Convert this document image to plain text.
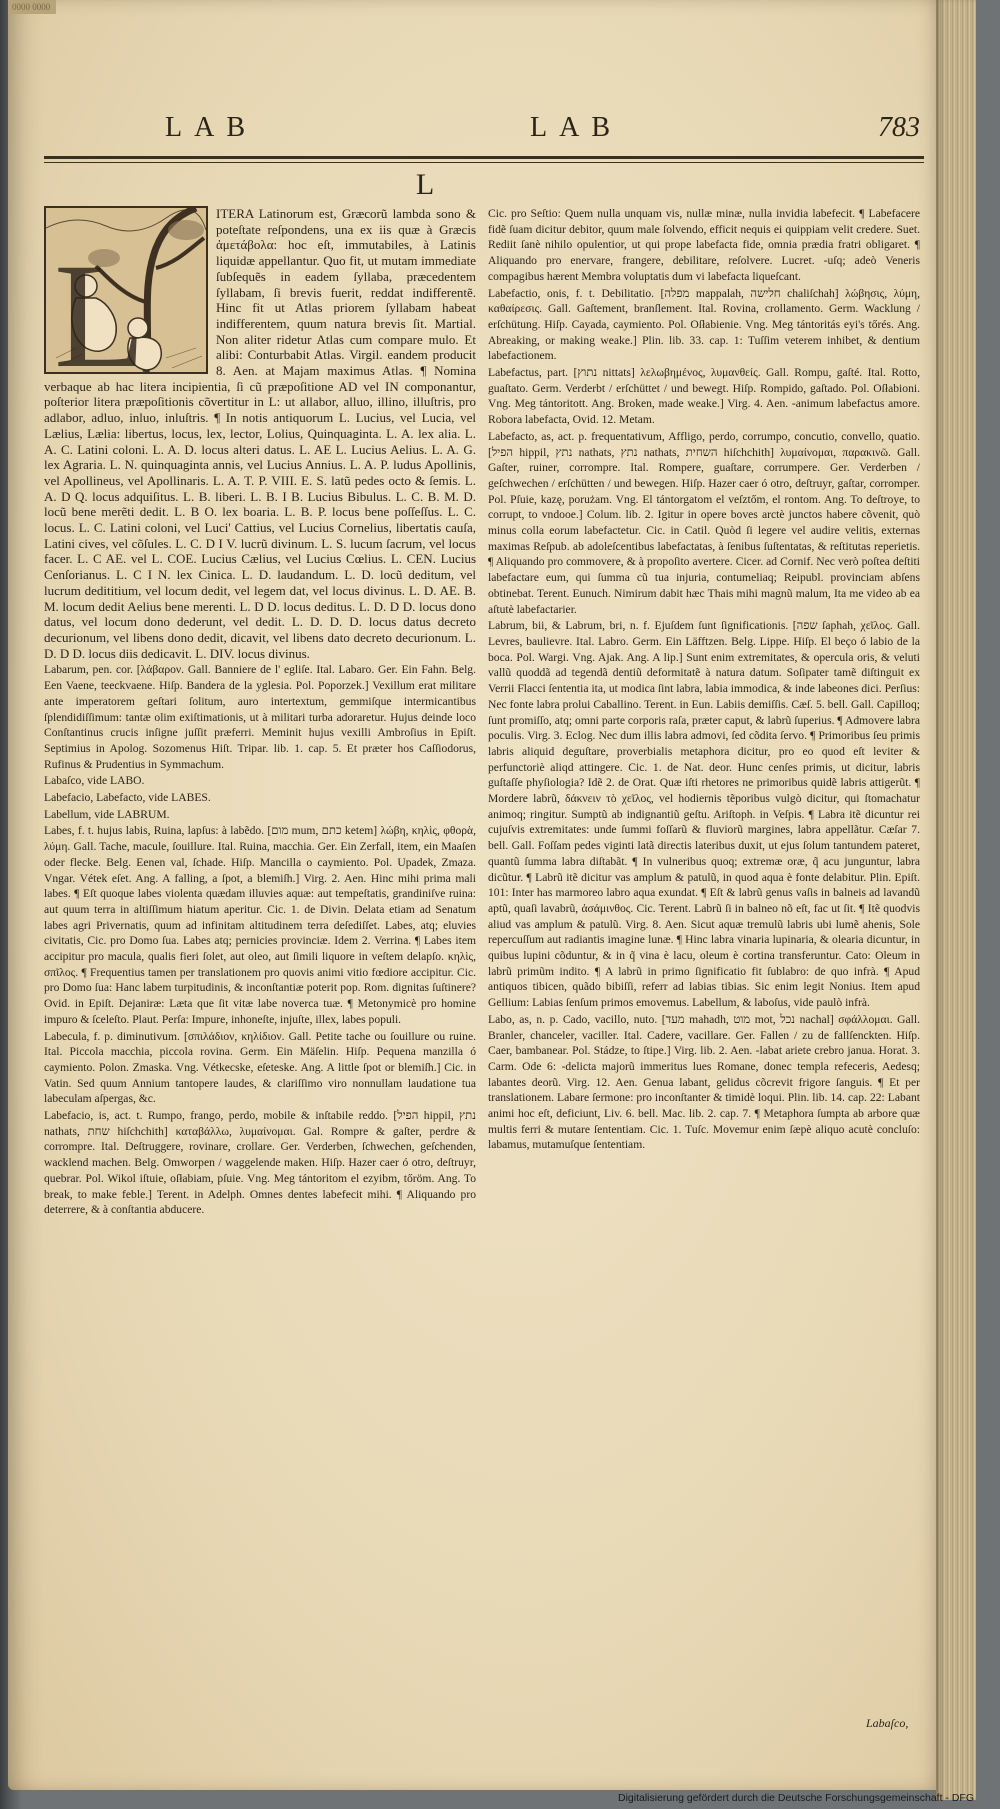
0000 0000
LAB	LAB	783
L
L

ITERA Latinorum est, Græcorũ lambda sono & poteſtate reſpondens, una ex iis quæ à Græcis ἀμετάβολα: hoc eſt, immutabiles, à Latinis liquidæ appellantur. Quo fit, ut mutam immediate ſubſequẽs in eadem ſyllaba, præcedentem ſyllabam, ſi brevis fuerit, reddat indifferentẽ. Hinc fit ut Atlas priorem ſyllabam habeat indifferentem, quum natura brevis ſit. Martial. Non aliter ridetur Atlas cum compare mulo. Et alibi: Conturbabit Atlas. Virgil. eandem producit 8. Aen. at Majam maximus Atlas. ¶ Nomina verbaque ab hac litera incipientia, ſi cũ præpoſitione AD vel IN componantur, poſterior litera præpoſitionis cõvertitur in L: ut allabor, alluo, illino, illuſtris, pro adlabor, adluo, inluo, inluſtris. ¶ In notis antiquorum L. Lucius, vel Lucia, vel Lælius, Lælia: libertus, locus, lex, lector, Lolius, Quinquaginta. L. A. lex alia. L. A. C. Latini coloni. L. A. D. locus alteri datus. L. AE L. Lucius Aelius. L. A. G. lex Agraria. L. N. quinquaginta annis, vel Lucius Annius. L. A. P. ludus Apollinis, vel Apollineus, vel Apollinaris. L. A. T. P. VIII. E. S. latũ pedes octo & ſemis. L. A. D Q. locus adquiſitus. L. B. liberi. L. B. I B. Lucius Bibulus. L. C. B. M. D. locũ bene merẽti dedit. L. B O. lex boaria. L. B. P. locus bene poſſeſſus. L. C. locus. L. C. Latini coloni, vel Luci' Cattius, vel Lucius Cornelius, libertatis cauſa, Latini cives, vel cõſules. L. C. D I V. lucrũ divinum. L. S. lucum ſacrum, vel locus facer. L. C AE. vel L. COE. Lucius Cælius, vel Lucius Cœlius. L. CEN. Lucius Cenſorianus. L. C I N. lex Cinica. L. D. laudandum. L. D. locũ deditum, vel lucrum dedititium, vel locum dedit, vel legem dat, vel locus divinus. L. D. AE. B. M. locum dedit Aelius bene merenti. L. D D. locus deditus. L. D. D D. locus dono datus, vel locum dono dederunt, vel dedit. L. D. D. D. locus datus decreto decurionum, vel libens dono dedit, dicavit, vel libens dato decreto decurionum. L. D. D D. locus diis dedicavit. L. DIV. locus divinus.

Labarum, pen. cor. [λάβαρον. Gall. Banniere de l' egliſe. Ital. Labaro. Ger. Ein Fahn. Belg. Een Vaene, teeckvaene. Hiſp. Bandera de la yglesia. Pol. Poporzek.] Vexillum erat militare ante imperatorem geſtari ſolitum, auro intertextum, gemmiſque intermicantibus ſplendidiſſimum: tantæ olim exiſtimationis, ut à militari turba adoraretur. Hujus deinde loco Conſtantinus crucis inſigne juſſit præferri. Meminit hujus vexilli Ambroſius in Epiſt. Septimius in Apolog. Sozomenus Hiſt. Tripar. lib. 1. cap. 5. Et præter hos Caſſiodorus, Rufinus & Prudentius in Symmachum.

Labaſco, vide LABO.

Labefacio, Labefacto, vide LABES.

Labellum, vide LABRUM.

Labes, f. t. hujus labis, Ruina, lapſus: à labẽdo. [מום mum, כתם ketem] λώβη, κηλὶς, φθορὰ, λύμη. Gall. Tache, macule, ſouillure. Ital. Ruina, macchia. Ger. Ein Zerfall, item, ein Maaſen oder flecke. Belg. Eenen val, ſchade. Hiſp. Mancilla o caymiento. Pol. Upadek, Zmaza. Vngar. Vétek eſet. Ang. A falling, a ſpot, a blemiſh.] Virg. 2. Aen. Hinc mihi prima mali labes. ¶ Eſt quoque labes violenta quædam illuvies aquæ: aut tempeſtatis, grandiniſve ruina: aut quum terra in altiſſimum hiatum aperitur. Cic. 1. de Divin. Delata etiam ad Senatum labes agri Privernatis, quum ad infinitam altitudinem terra deſediſſet. Labes, atq; eluvies civitatis, Cic. pro Domo ſua. Labes atq; pernicies provinciæ. Idem 2. Verrina. ¶ Labes item accipitur pro macula, qualis fieri ſolet, aut oleo, aut ſimili liquore in veſtem delapſo. κηλὶς, σπῖλος. ¶ Frequentius tamen per translationem pro quovis animi vitio fœdiore accipitur. Cic. pro Domo ſua: Hanc labem turpitudinis, & inconſtantiæ poterit pop. Rom. dignitas ſuſtinere? Ovid. in Epiſt. Dejaniræ: Læta que ſit vitæ labe noverca tuæ. ¶ Metonymicè pro homine impuro & ſceleſto. Plaut. Perſa: Impure, inhoneſte, injuſte, illex, labes populi.

Labecula, f. p. diminutivum. [σπιλάδιον, κηλίδιον. Gall. Petite tache ou ſouillure ou ruine. Ital. Piccola macchia, piccola rovina. Germ. Ein Mäſelin. Hiſp. Pequena manzilla ó caymiento. Polon. Zmaska. Vng. Vétkecske, eſeteske. Ang. A little ſpot or blemiſh.] Cic. in Vatin. Sed quum Annium tantopere laudes, & clariſſimo viro nonnullam laudatione tua labeculam aſpergas, &c.

Labefacio, is, act. t. Rumpo, frango, perdo, mobile & inſtabile reddo. [הפיל hippil, נתץ nathats, שחת hiſchchith] καταβάλλω, λυμαίνομαι. Gal. Rompre & gaſter, perdre & corrompre. Ital. Deſtruggere, rovinare, crollare. Ger. Verderben, ſchwechen, geſchenden, wacklend machen. Belg. Omworpen / waggelende maken. Hiſp. Hazer caer ó otro, deſtruyr, quebrar. Pol. Wikol iſtuie, oſłabiam, pſuie. Vng. Meg tántoritom el ezyibm, tőröm. Ang. To break, to make feble.] Terent. in Adelph. Omnes dentes labefecit mihi. ¶ Aliquando pro deterrere, & à conſtantia abducere.

Cic. pro Seſtio: Quem nulla unquam vis, nullæ minæ, nulla invidia labefecit. ¶ Labefacere fidẽ ſuam dicitur debitor, quum male ſolvendo, efficit nequis ei quippiam velit credere. Suet. Rediit ſanè nihilo opulentior, ut qui prope labefacta fide, omnia prædia fratri obligaret. ¶ Aliquando pro enervare, frangere, debilitare, reſolvere. Lucret. -uſq; adeò Veneris compagibus hærent Membra voluptatis dum vi labefacta liqueſcant.

Labefactio, onis, f. t. Debilitatio. [מפלה mappalah, חלישה chaliſchah] λώβησις, λύμη, καθαίρεσις. Gall. Gaſtement, branſlement. Ital. Rovina, crollamento. Germ. Wacklung / erſchütung. Hiſp. Cayada, caymiento. Pol. Oſłabienie. Vng. Meg tántoritás eyi's tőrés. Ang. Abreaking, or making weake.] Plin. lib. 33. cap. 1: Tuſſim veterem inhibet, & dentium labefactionem.

Labefactus, part. [נתוץ nittats] λελωβημένος, λυμανθείς. Gall. Rompu, gaſté. Ital. Rotto, guaſtato. Germ. Verderbt / erſchüttet / und bewegt. Hiſp. Rompido, gaſtado. Pol. Oſłabioni. Vng. Meg tántoritott. Ang. Broken, made weake.] Virg. 4. Aen. -animum labefactus amore. Robora labefacta, Ovid. 12. Metam.

Labefacto, as, act. p. frequentativum, Affligo, perdo, corrumpo, concutio, convello, quatio. [הפיל hippil, נתץ nathats, נתץ nathats, השחית hiſchchith] λυμαίνομαι, παρακινῶ. Gall. Gaſter, ruiner, corrompre. Ital. Rompere, guaſtare, corrumpere. Ger. Verderben / geſchwechen / erſchütten / und bewegen. Hiſp. Hazer caer ó otro, deſtruyr, gaſtar, corromper. Pol. Pſuie, kazę, porużam. Vng. El tántorgatom el veſztőm, el rontom. Ang. To deſtroye, to corrupt, to vndooe.] Colum. lib. 2. Igitur in opere boves arctè junctos habere cõvenit, quò minus colla eorum labefactetur. Cic. in Catil. Quòd ſi legere vel audire velitis, externas maximas Reſpub. ab adoleſcentibus labefactatas, à ſenibus ſuſtentatas, & reſtitutas reperietis. ¶ Aliquando pro commovere, & à propoſito avertere. Cicer. ad Cornif. Nec verò poſtea deſtiti labefactare eum, qui ſumma cũ tua injuria, contumeliaq; Reipubl. provinciam abſens obtinebat. Terent. Eunuch. Nimirum dabit hæc Thais mihi magnũ malum, Ita me video ab ea aſtutè labefactarier.

Labrum, bii, & Labrum, bri, n. f. Ejuſdem ſunt ſignificationis. [שפה ſaphah, χεῖλος. Gall. Levres, baulievre. Ital. Labro. Germ. Ein Läfftzen. Belg. Lippe. Hiſp. El beço ó labio de la boca. Pol. Wargi. Vng. Ajak. Ang. A lip.] Sunt enim extremitates, & opercula oris, & veluti vallũ quoddã ad tegendã dentiũ deformitatẽ à natura datum. Soſipater tamẽ diſtinguit ex Verrii Flacci ſententia ita, ut modica ſint labra, labia immodica, & inde labeones dici. Perſius: Nec fonte labra prolui Caballino. Terent. in Eun. Labiis demiſſis. Cæſ. 5. bell. Gall. Capilloq; ſunt promiſſo, atq; omni parte corporis raſa, præter caput, & labrũ ſuperius. ¶ Admovere labra poculis. Virg. 3. Eclog. Nec dum illis labra admovi, ſed cõdita ſervo. ¶ Primoribus ſeu primis labris aliquid deguſtare, proverbialis metaphora dicitur, pro eo quod eſt leviter & perfunctoriè aliqd attingere. Cic. 1. de Nat. deor. Hunc cenſes primis, ut dicitur, labris guſtaſſe phyſiologia? Idẽ 2. de Orat. Quæ iſti rhetores ne primoribus quidẽ labris attigerũt. ¶ Mordere labrũ, δάκνειν τὸ χεῖλος, vel hodiernis tẽporibus vulgò dicitur, qui ſtomachatur animoq; ringitur. Sumptũ ab indignantiũ geſtu. Ariſtoph. in Veſpis. ¶ Labra itẽ dicuntur rei cujuſvis extremitates: unde ſummi foſſarũ & fluviorũ margines, labra appellãtur. Cæſar 7. bell. Gall. Foſſam pedes viginti latã directis lateribus duxit, ut ejus ſolum tantundem pateret, quantũ ſumma labra diſtabãt. ¶ In vulneribus quoq; extremæ oræ, q̃ acu junguntur, labra dicũtur. ¶ Labrũ itẽ dicitur vas amplum & patulũ, in quod aqua è fonte delabitur. Plin. Epiſt. 101: Inter has marmoreo labro aqua exundat. ¶ Eſt & labrũ genus vaſis in balneis ad lavandũ aptũ, quaſi lavabrũ, ἀσάμινθος. Cic. Terent. Labrũ ſi in balneo nõ eſt, fac ut ſit. ¶ Itẽ quodvis aliud vas amplum & patulũ. Virg. 8. Aen. Sicut aquæ tremulũ labris ubi lumẽ ahenis, Sole repercuſſum aut radiantis imagine lunæ. ¶ Hinc labra vinaria lupinaria, & olearia dicuntur, in quibus lupini cõduntur, & in q̃ vina è lacu, oleum è cortina transferuntur. Cato: Oleum in labrũ primũm indito. ¶ A labrũ in primo ſignificatio fit ſublabro: de quo infrà. ¶ Apud antiquos tibicen, quãdo bibiſſi, referr ad labias tibias. Sic enim legit Nonius. Item apud Gellium: Labias ſenſum primos emovemus. Labellum, & laboſus, vide paulò infrà.

Labo, as, n. p. Cado, vacillo, nuto. [מעד mahadh, מוט mot, נכל nachal] σφάλλομαι. Gall. Branler, chanceler, vaciller. Ital. Cadere, vacillare. Ger. Fallen / zu de fallſenckten. Hiſp. Caer, bambanear. Pol. Stádze, to ſtipe.] Virg. lib. 2. Aen. -labat ariete crebro janua. Horat. 3. Carm. Ode 6: -delicta majorũ immeritus lues Romane, donec templa refeceris, Aedesq; labantes deorũ. Virg. 12. Aen. Genua labant, gelidus cõcrevit frigore ſanguis. ¶ Et per translationem. Labare ſermone: pro inconſtanter & timidè loqui. Plin. lib. 14. cap. 22: Labant animi hoc eſt, deficiunt, Liv. 6. bell. Mac. lib. 2. cap. 7. ¶ Metaphora ſumpta ab arbore quæ multis ferri & mutare ſententiam. Cic. 1. Tuſc. Movemur enim ſæpè aliquo acutè concluſo: labamus, mutamuſque ſententiam.

Labaſco,
Digitalisierung gefördert durch die Deutsche Forschungsgemeinschaft - DFG
